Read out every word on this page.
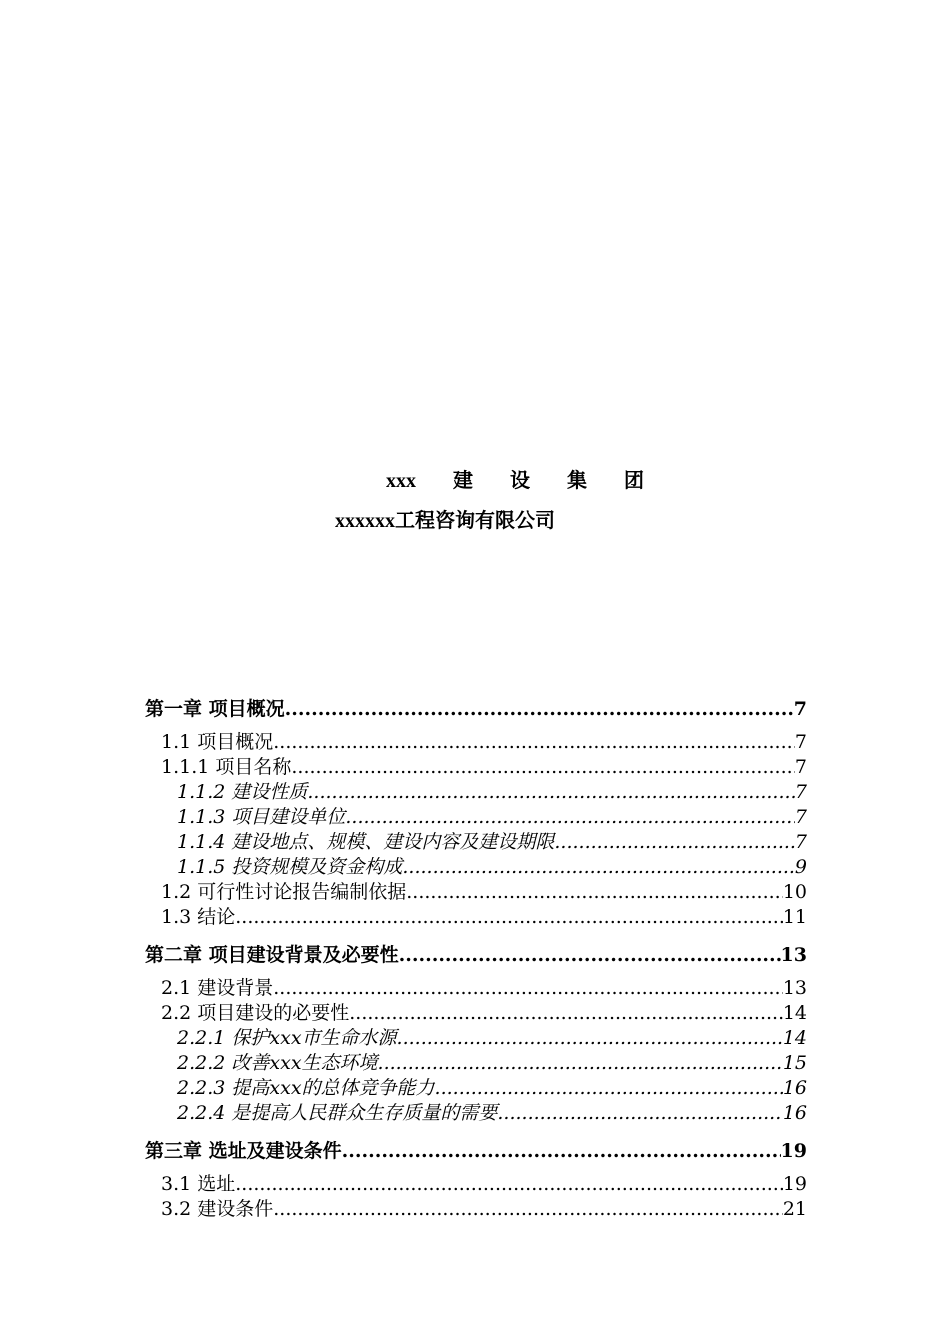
xxx 建 设 集 团
xxxxxx工程咨询有限公司
第一章 项目概况 .....	7
1.1 项目概况 .....	7
1.1.1 项目名称 .....	7
1.1.2 建设性质 .....	7
1.1.3 项目建设单位 .....	7
1.1.4 建设地点、规模、建设内容及建设期限 .....	7
1.1.5 投资规模及资金构成 .....	9
1.2 可行性讨论报告编制依据 .....	10
1.3 结论 .....	11
第二章 项目建设背景及必要性 .....	13
2.1 建设背景 .....	13
2.2 项目建设的必要性 .....	14
2.2.1 保护xxx市生命水源 .....	14
2.2.2 改善xxx生态环境 .....	15
2.2.3 提高xxx的总体竞争能力 .....	16
2.2.4 是提高人民群众生存质量的需要 .....	16
第三章 选址及建设条件 .....	19
3.1 选址 .....	19
3.2 建设条件 .....	21
